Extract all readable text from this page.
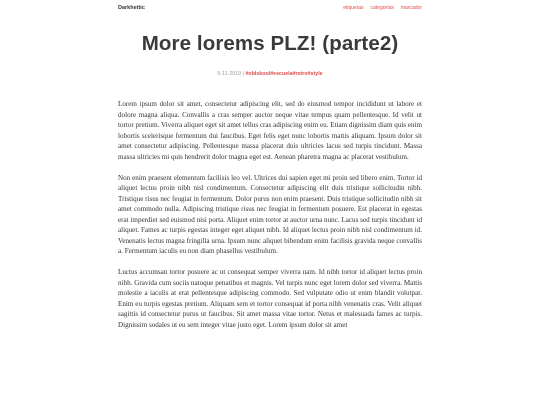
Darkhettic	etiquetas categorías marcador
More lorems PLZ! (parte2)
5-11-2019 | #oldskool#escuela#retro#style

Lorem ipsum dolor sit amet, consectetur adipiscing elit, sed do eiusmod tempor incididunt ut labore et dolore magna aliqua. Convallis a cras semper auctor neque vitae tempus quam pellentesque. Id velit ut tortor pretium. Viverra aliquet eget sit amet tellus cras adipiscing enim eu. Etiam dignissim diam quis enim lobortis scelerisque fermentum dui faucibus. Eget felis eget nunc lobortis mattis aliquam. Ipsum dolor sit amet consectetur adipiscing. Pellentesque massa placerat duis ultricies lacus sed turpis tincidunt. Massa massa ultricies mi quis hendrerit dolor magna eget est. Aenean pharetra magna ac placerat vestibulum.

Non enim praesent elementum facilisis leo vel. Ultrices dui sapien eget mi proin sed libero enim. Tortor id aliquet lectus proin nibh nisl condimentum. Consectetur adipiscing elit duis tristique sollicitudin nibh. Tristique risus nec feugiat in fermentum. Dolor purus non enim praesent. Duis tristique sollicitudin nibh sit amet commodo nulla. Adipiscing tristique risus nec feugiat in fermentum posuere. Est placerat in egestas erat imperdiet sed euismod nisi porta. Aliquet enim tortor at auctor urna nunc. Lacus sed turpis tincidunt id aliquet. Fames ac turpis egestas integer eget aliquet nibh. Id aliquet lectus proin nibh nisl condimentum id. Venenatis lectus magna fringilla urna. Ipsum nunc aliquet bibendum enim facilisis gravida neque convallis a. Fermentum iaculis eu non diam phasellus vestibulum.

Luctus accumsan tortor posuere ac ut consequat semper viverra nam. Id nibh tortor id aliquet lectus proin nibh. Gravida cum sociis natoque penatibus et magnis. Vel turpis nunc eget lorem dolor sed viverra. Mattis molestie a iaculis at erat pellentesque adipiscing commodo. Sed vulputate odio ut enim blandit volutpat. Enim eu turpis egestas pretium. Aliquam sem et tortor consequat id porta nibh venenatis cras. Velit aliquet sagittis id consectetur purus ut faucibus. Sit amet massa vitae tortor. Netus et malesuada fames ac turpis. Dignissim sodales ut eu sem integer vitae justo eget. Lorem ipsum dolor sit amet
